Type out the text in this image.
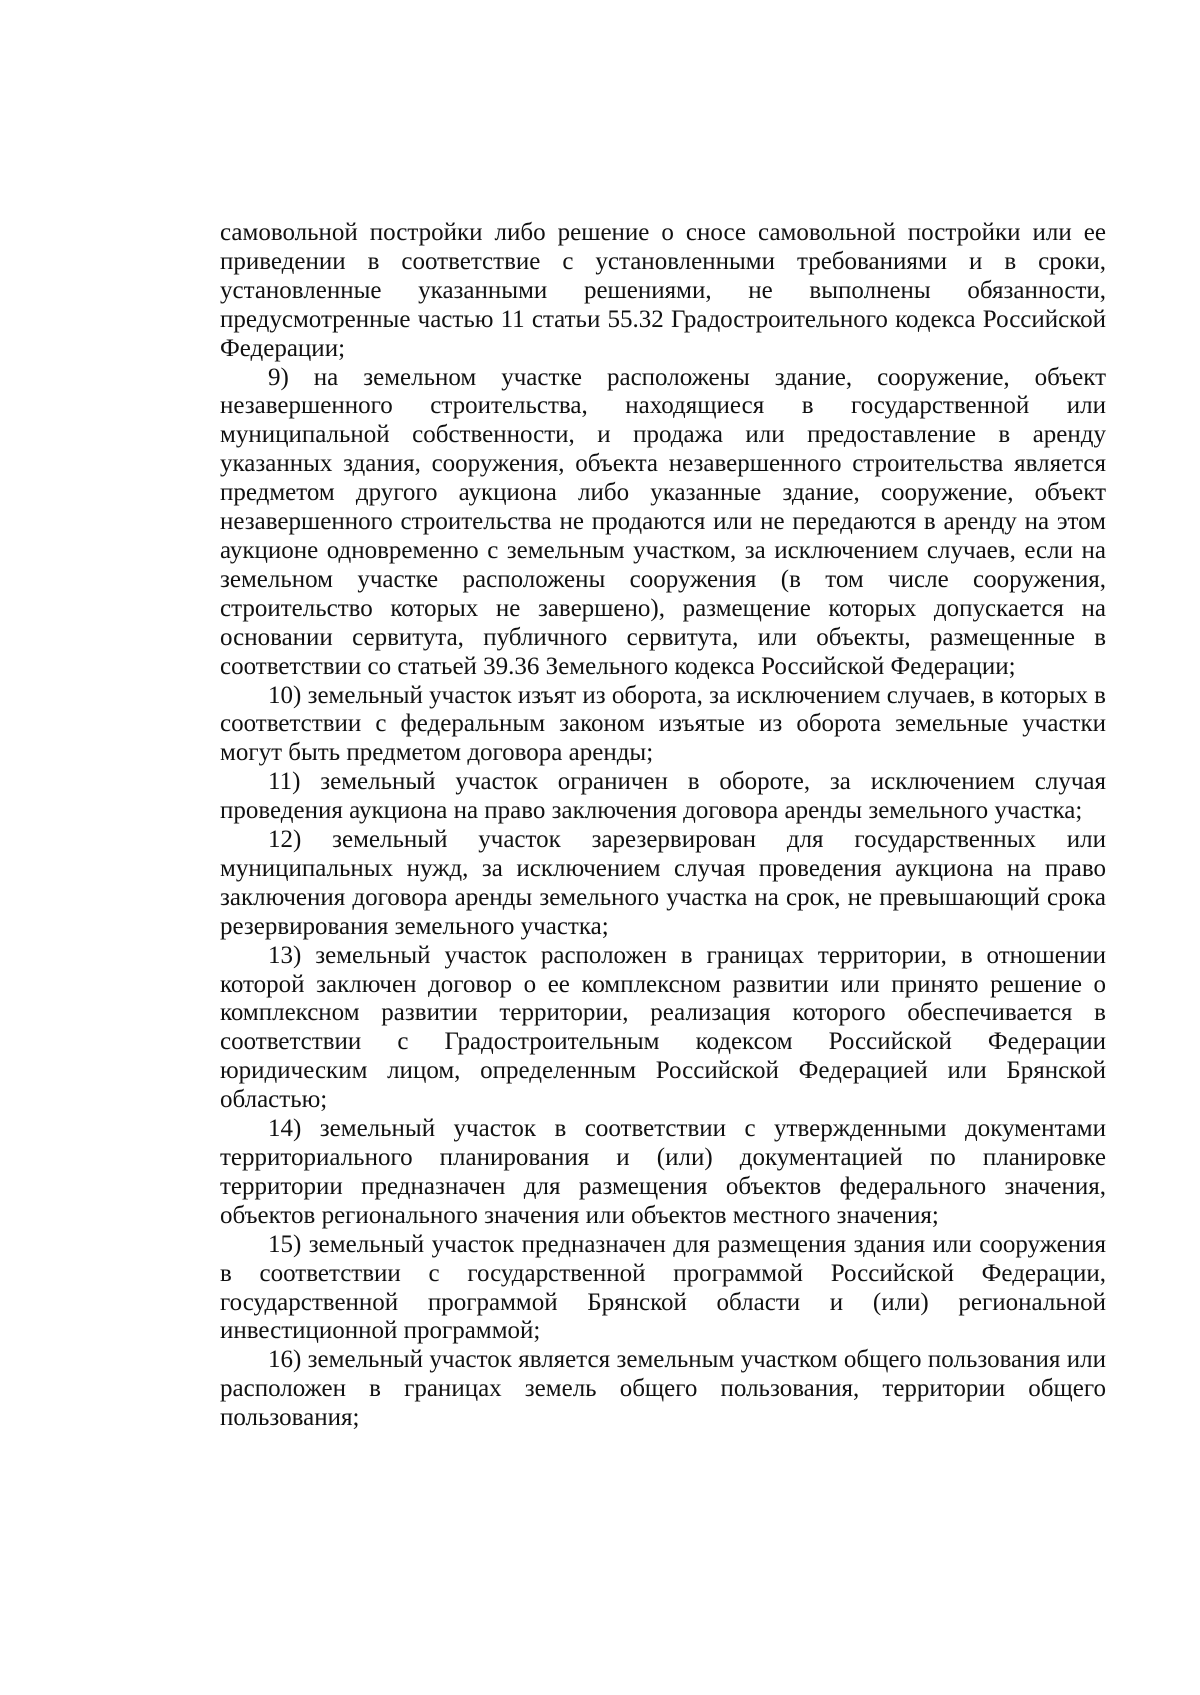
самовольной постройки либо решение о сносе самовольной постройки или ее приведении в соответствие с установленными требованиями и в сроки, установленные указанными решениями, не выполнены обязанности, предусмотренные частью 11 статьи 55.32 Градостроительного кодекса Российской Федерации;

9) на земельном участке расположены здание, сооружение, объект незавершенного строительства, находящиеся в государственной или муниципальной собственности, и продажа или предоставление в аренду указанных здания, сооружения, объекта незавершенного строительства является предметом другого аукциона либо указанные здание, сооружение, объект незавершенного строительства не продаются или не передаются в аренду на этом аукционе одновременно с земельным участком, за исключением случаев, если на земельном участке расположены сооружения (в том числе сооружения, строительство которых не завершено), размещение которых допускается на основании сервитута, публичного сервитута, или объекты, размещенные в соответствии со статьей 39.36 Земельного кодекса Российской Федерации;

10) земельный участок изъят из оборота, за исключением случаев, в которых в соответствии с федеральным законом изъятые из оборота земельные участки могут быть предметом договора аренды;

11) земельный участок ограничен в обороте, за исключением случая проведения аукциона на право заключения договора аренды земельного участка;

12) земельный участок зарезервирован для государственных или муниципальных нужд, за исключением случая проведения аукциона на право заключения договора аренды земельного участка на срок, не превышающий срока резервирования земельного участка;

13) земельный участок расположен в границах территории, в отношении которой заключен договор о ее комплексном развитии или принято решение о комплексном развитии территории, реализация которого обеспечивается в соответствии с Градостроительным кодексом Российской Федерации юридическим лицом, определенным Российской Федерацией или Брянской областью;

14) земельный участок в соответствии с утвержденными документами территориального планирования и (или) документацией по планировке территории предназначен для размещения объектов федерального значения, объектов регионального значения или объектов местного значения;

15) земельный участок предназначен для размещения здания или сооружения в соответствии с государственной программой Российской Федерации, государственной программой Брянской области и (или) региональной инвестиционной программой;

16) земельный участок является земельным участком общего пользования или расположен в границах земель общего пользования, территории общего пользования;
